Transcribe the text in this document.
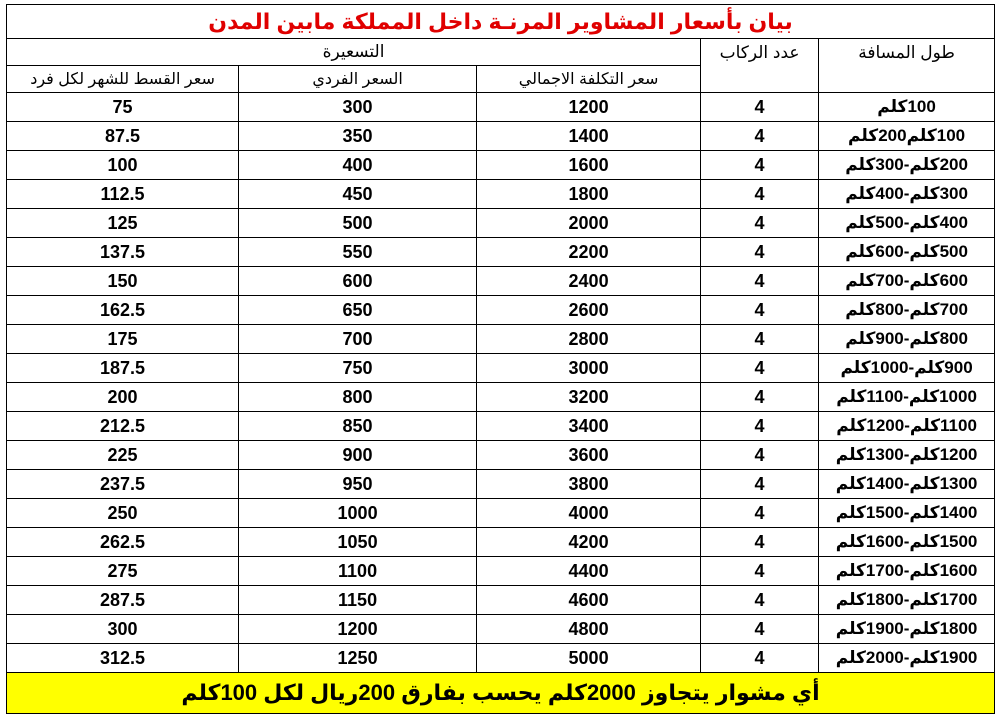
بيان بأسعار المشاوير المرنـة داخل المملكة مابين المدن				
طول المسافة	عدد الركاب	التسعيرة		
		سعر التكلفة الاجمالي	السعر الفردي	سعر القسط للشهر لكل فرد
100كلم	4	1200	300	75
100كلم200كلم	4	1400	350	87.5
200كلم-300كلم	4	1600	400	100
300كلم-400كلم	4	1800	450	112.5
400كلم-500كلم	4	2000	500	125
500كلم-600كلم	4	2200	550	137.5
600كلم-700كلم	4	2400	600	150
700كلم-800كلم	4	2600	650	162.5
800كلم-900كلم	4	2800	700	175
900كلم-1000كلم	4	3000	750	187.5
1000كلم-1100كلم	4	3200	800	200
1100كلم-1200كلم	4	3400	850	212.5
1200كلم-1300كلم	4	3600	900	225
1300كلم-1400كلم	4	3800	950	237.5
1400كلم-1500كلم	4	4000	1000	250
1500كلم-1600كلم	4	4200	1050	262.5
1600كلم-1700كلم	4	4400	1100	275
1700كلم-1800كلم	4	4600	1150	287.5
1800كلم-1900كلم	4	4800	1200	300
1900كلم-2000كلم	4	5000	1250	312.5
أي مشوار يتجاوز 2000كلم يحسب بفارق 200ريال لكل 100كلم				
